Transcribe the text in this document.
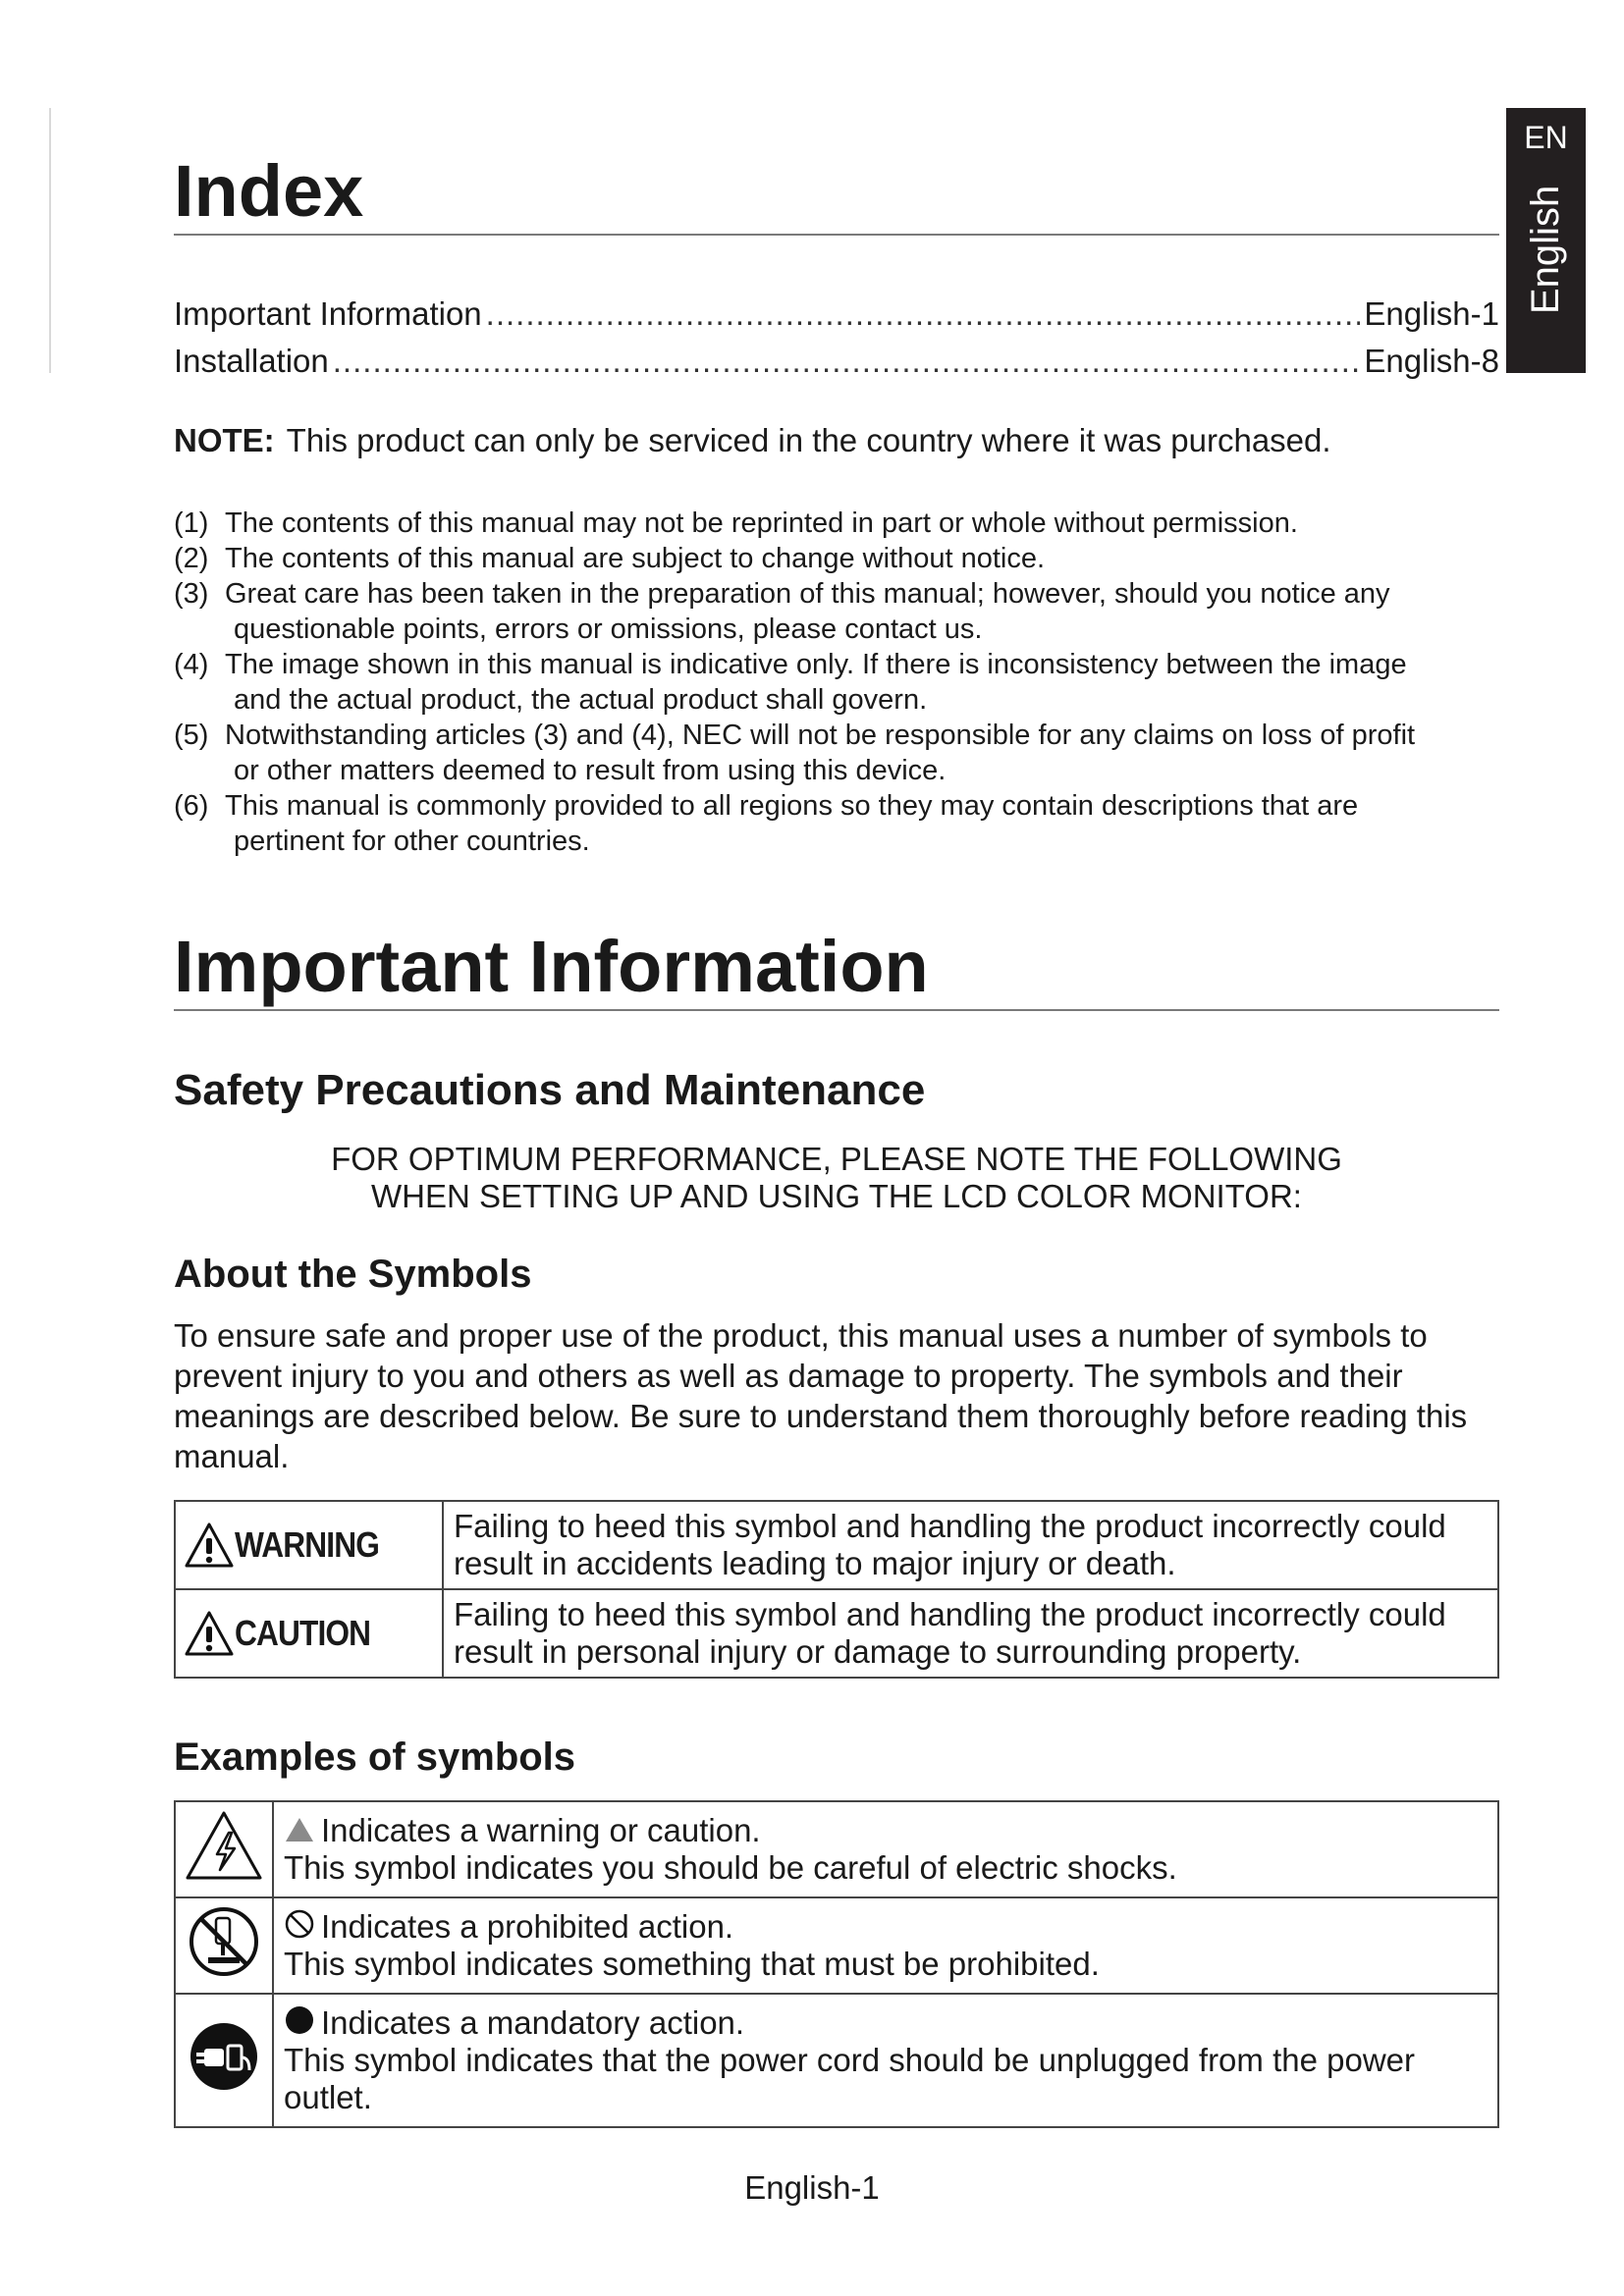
EN
English
Index
Important Information .....	English-1
Installation .....	English-8
NOTE: This product can only be serviced in the country where it was purchased.
(1) The contents of this manual may not be reprinted in part or whole without permission.
(2) The contents of this manual are subject to change without notice.
(3) Great care has been taken in the preparation of this manual; however, should you notice any
questionable points, errors or omissions, please contact us.
(4) The image shown in this manual is indicative only. If there is inconsistency between the image
and the actual product, the actual product shall govern.
(5) Notwithstanding articles (3) and (4), NEC will not be responsible for any claims on loss of profit
or other matters deemed to result from using this device.
(6) This manual is commonly provided to all regions so they may contain descriptions that are
pertinent for other countries.
Important Information
Safety Precautions and Maintenance
FOR OPTIMUM PERFORMANCE, PLEASE NOTE THE FOLLOWING
WHEN SETTING UP AND USING THE LCD COLOR MONITOR:
About the Symbols
To ensure safe and proper use of the product, this manual uses a number of symbols to prevent injury to you and others as well as damage to property. The symbols and their meanings are described below. Be sure to understand them thoroughly before reading this manual.
WARNING	Failing to heed this symbol and handling the product incorrectly could result in accidents leading to major injury or death.

CAUTION	Failing to heed this symbol and handling the product incorrectly could result in personal injury or damage to surrounding property.
Examples of symbols

Indicates a warning or caution.
This symbol indicates you should be careful of electric shocks.

Indicates a prohibited action.
This symbol indicates something that must be prohibited.

Indicates a mandatory action.
This symbol indicates that the power cord should be unplugged from the power outlet.
English-1
